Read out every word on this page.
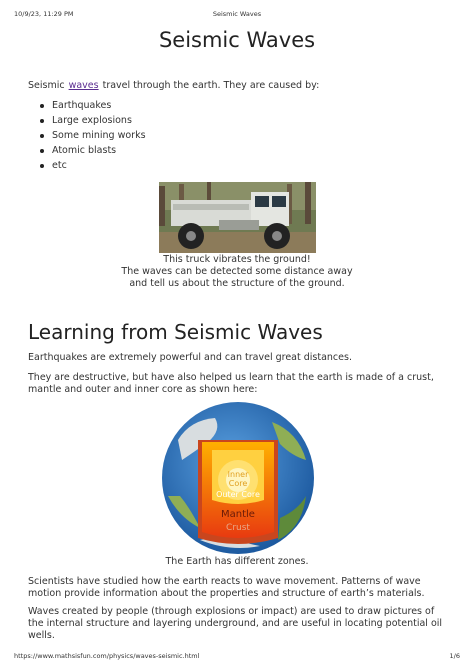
10/9/23, 11:29 PM	Seismic Waves
Seismic Waves
Seismic waves travel through the earth. They are caused by:
Earthquakes
Large explosions
Some mining works
Atomic blasts
etc
This truck vibrates the ground!
The waves can be detected some distance away
and tell us about the structure of the ground.
Learning from Seismic Waves
Earthquakes are extremely powerful and can travel great distances.
They are destructive, but have also helped us learn that the earth is made of a crust, mantle and outer and inner core as shown here:
Inner
Core
Outer Core
Mantle
Crust
The Earth has different zones.
Scientists have studied how the earth reacts to wave movement. Patterns of wave motion provide information about the properties and structure of earth’s materials.
Waves created by people (through explosions or impact) are used to draw pictures of the internal structure and layering underground, and are useful in locating potential oil wells.
https://www.mathsisfun.com/physics/waves-seismic.html	1/6
